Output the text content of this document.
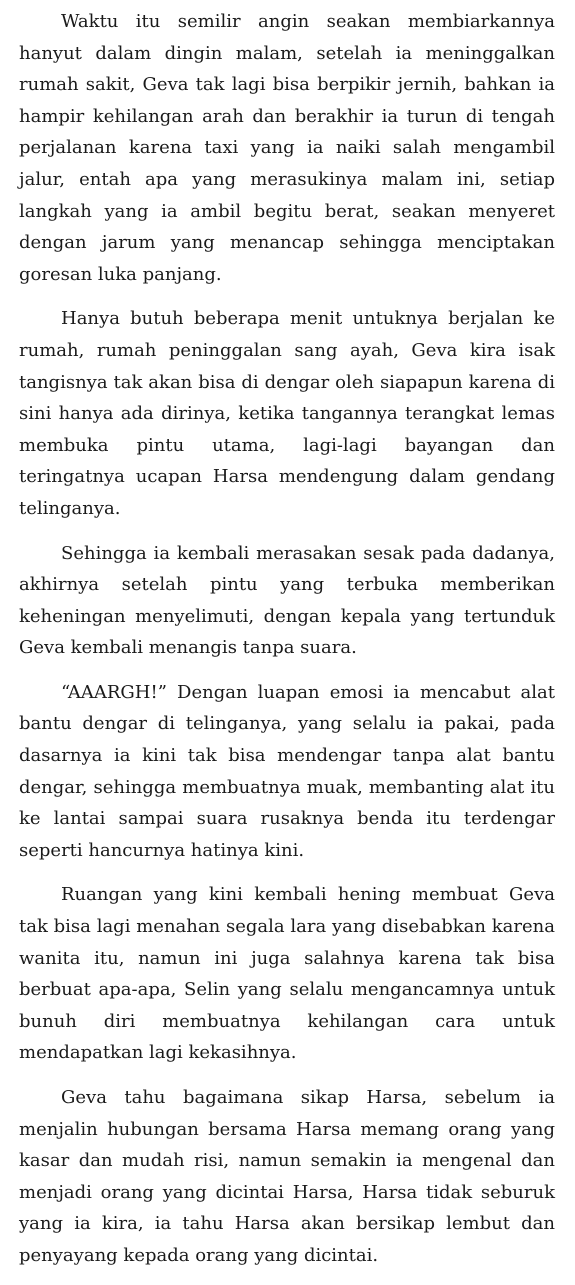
Waktu itu semilir angin seakan membiarkannya hanyut dalam dingin malam, setelah ia meninggalkan rumah sakit, Geva tak lagi bisa berpikir jernih, bahkan ia hampir kehilangan arah dan berakhir ia turun di tengah perjalanan karena taxi yang ia naiki salah mengambil jalur, entah apa yang merasukinya malam ini, setiap langkah yang ia ambil begitu berat, seakan menyeret dengan jarum yang menancap sehingga menciptakan goresan luka panjang.

Hanya butuh beberapa menit untuknya berjalan ke rumah, rumah peninggalan sang ayah, Geva kira isak tangisnya tak akan bisa di dengar oleh siapapun karena di sini hanya ada dirinya, ketika tangannya terangkat lemas membuka pintu utama, lagi-lagi bayangan dan teringatnya ucapan Harsa mendengung dalam gendang telinganya.

Sehingga ia kembali merasakan sesak pada dadanya, akhirnya setelah pintu yang terbuka memberikan keheningan menyelimuti, dengan kepala yang tertunduk Geva kembali menangis tanpa suara.

“AAARGH!” Dengan luapan emosi ia mencabut alat bantu dengar di telinganya, yang selalu ia pakai, pada dasarnya ia kini tak bisa mendengar tanpa alat bantu dengar, sehingga membuatnya muak, membanting alat itu ke lantai sampai suara rusaknya benda itu terdengar seperti hancurnya hatinya kini.

Ruangan yang kini kembali hening membuat Geva tak bisa lagi menahan segala lara yang disebabkan karena wanita itu, namun ini juga salahnya karena tak bisa berbuat apa-apa, Selin yang selalu mengancamnya untuk bunuh diri membuatnya kehilangan cara untuk mendapatkan lagi kekasihnya.

Geva tahu bagaimana sikap Harsa, sebelum ia menjalin hubungan bersama Harsa memang orang yang kasar dan mudah risi, namun semakin ia mengenal dan menjadi orang yang dicintai Harsa, Harsa tidak seburuk yang ia kira, ia tahu Harsa akan bersikap lembut dan penyayang kepada orang yang dicintai.
